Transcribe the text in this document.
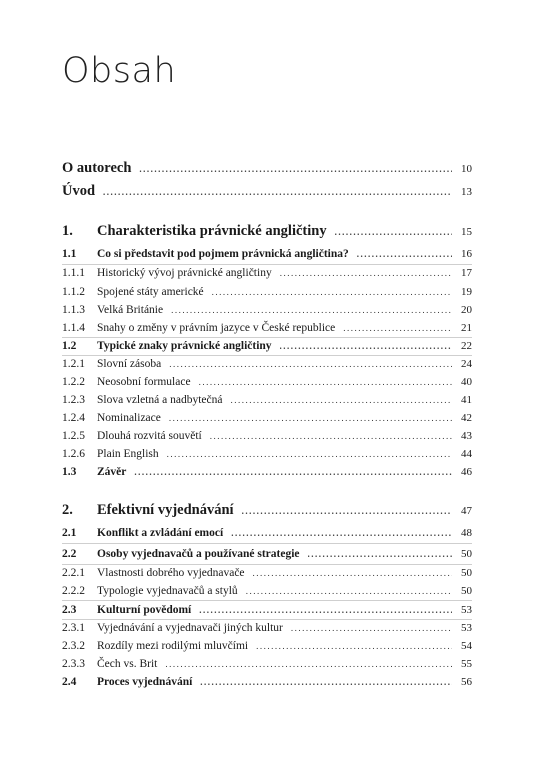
Obsah
O autorech .....	10
Úvod .....	13
1.	Charakteristika právnické angličtiny .....	15
1.1	Co si představit pod pojmem právnická angličtina? .....	16
1.1.1	Historický vývoj právnické angličtiny .....	17
1.1.2	Spojené státy americké .....	19
1.1.3	Velká Británie .....	20
1.1.4	Snahy o změny v právním jazyce v České republice .....	21
1.2	Typické znaky právnické angličtiny .....	22
1.2.1	Slovní zásoba .....	24
1.2.2	Neosobní formulace .....	40
1.2.3	Slova vzletná a nadbytečná .....	41
1.2.4	Nominalizace .....	42
1.2.5	Dlouhá rozvitá souvětí .....	43
1.2.6	Plain English .....	44
1.3	Závěr .....	46
2.	Efektivní vyjednávání .....	47
2.1	Konflikt a zvládání emocí .....	48
2.2	Osoby vyjednavačů a používané strategie .....	50
2.2.1	Vlastnosti dobrého vyjednavače .....	50
2.2.2	Typologie vyjednavačů a stylů .....	50
2.3	Kulturní povědomí .....	53
2.3.1	Vyjednávání a vyjednavači jiných kultur .....	53
2.3.2	Rozdíly mezi rodilými mluvčími .....	54
2.3.3	Čech vs. Brit .....	55
2.4	Proces vyjednávání .....	56
